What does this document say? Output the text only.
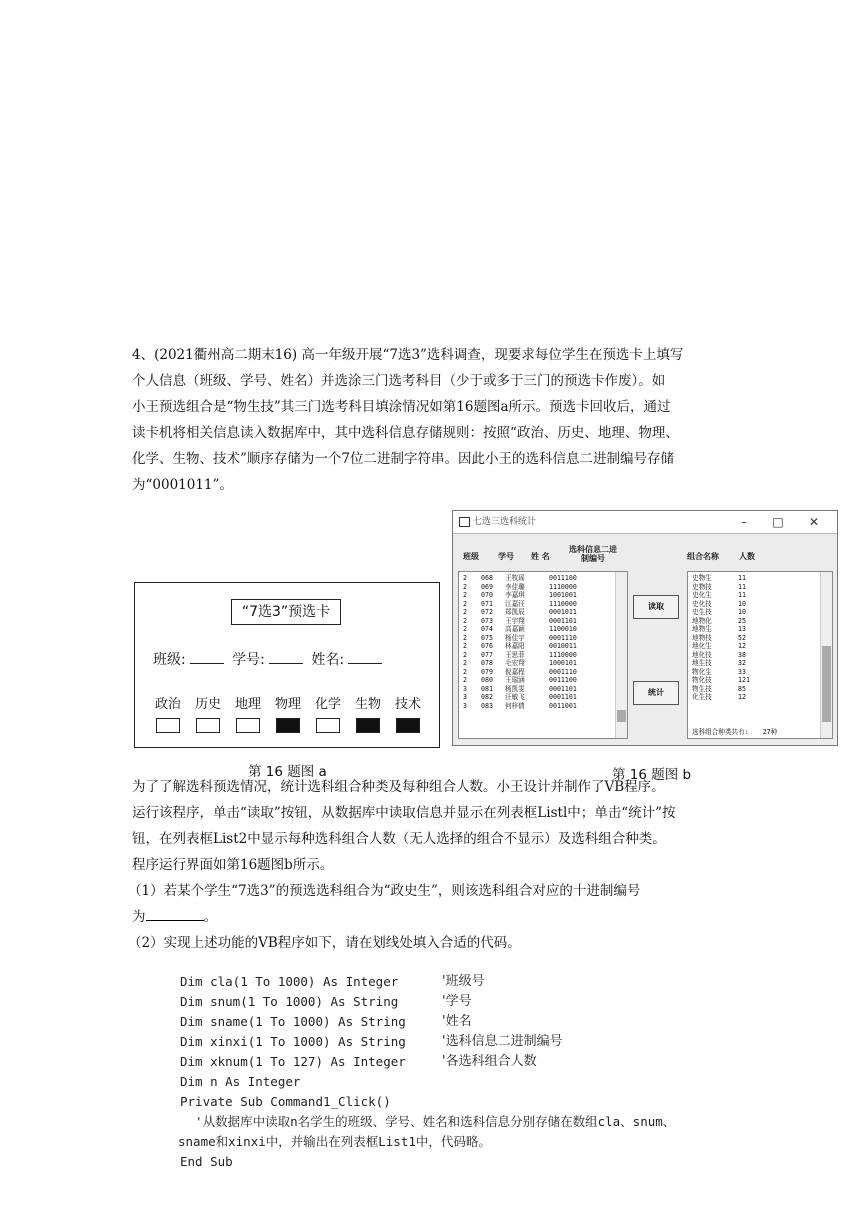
4、(2021衢州高二期末16) 高一年级开展“7选3”选科调查，现要求每位学生在预选卡上填写

个人信息（班级、学号、姓名）并选涂三门选考科目（少于或多于三门的预选卡作废）。如

小王预选组合是“物生技”其三门选考科目填涂情况如第16题图a所示。预选卡回收后，通过

读卡机将相关信息读入数据库中，其中选科信息存储规则：按照“政治、历史、地理、物理、

化学、生物、技术”顺序存储为一个7位二进制字符串。因此小王的选科信息二进制编号存储

为“0001011”。

“7选3”预选卡
班级:	学号:	姓名:
政治	历史	地理	物理	化学	生物	技术
第 16 题图 a
七选三选科统计	–	□	✕
班级 学号 姓 名
选科信息二进制编号	组合名称	人数
2 068 王牧瑶	0011100
2 069 李佳璐	1110000
2 070 李嘉琪	1001001
2 071 江嘉汪	1110000
2 072 郑凯辰	0001011
2 073 王宇翔	0001101
2 074 高嘉颖	1100010
2 075 杨佳宇	0001110
2 076 林嘉阳	0010011
2 077 王思菲	1110000
2 078 毛宏翔	1000101
2 079 倪嘉程	0001110
2 080 王瑞涵	0011100
3 081 杨凯雯	0001101
3 082 汪敏飞	0001101
3 083 何梓倩	0011001
读取
统计
史物生	11
史物技	11
史化生	11
史化技	10
史生技	10
地物化	25
地物生	13
地物技	52
地化生	12
地化技	38
地生技	32
物化生	33
物化技	121
物生技	85
化生技	12
选科组合种类共有: 27种
第 16 题图 b

为了了解选科预选情况，统计选科组合种类及每种组合人数。小王设计并制作了VB程序。

运行该程序，单击“读取”按钮，从数据库中读取信息并显示在列表框Listl中；单击“统计”按

钮，在列表框List2中显示每种选科组合人数（无人选择的组合不显示）及选科组合种类。

程序运行界面如第16题图b所示。

（1）若某个学生“7选3”的预选选科组合为“政史生”，则该选科组合对应的十进制编号

为	。

（2）实现上述功能的VB程序如下，请在划线处填入合适的代码。

Dim cla(1 To 1000) As Integer	'班级号
Dim snum(1 To 1000) As String	'学号
Dim sname(1 To 1000) As String	'姓名
Dim xinxi(1 To 1000) As String	'选科信息二进制编号
Dim xknum(1 To 127) As Integer	'各选科组合人数
Dim n As Integer
Private Sub Command1_Click()
'从数据库中读取n名学生的班级、学号、姓名和选科信息分别存储在数组cla、snum、
sname和xinxi中，并输出在列表框List1中，代码略。
End Sub
